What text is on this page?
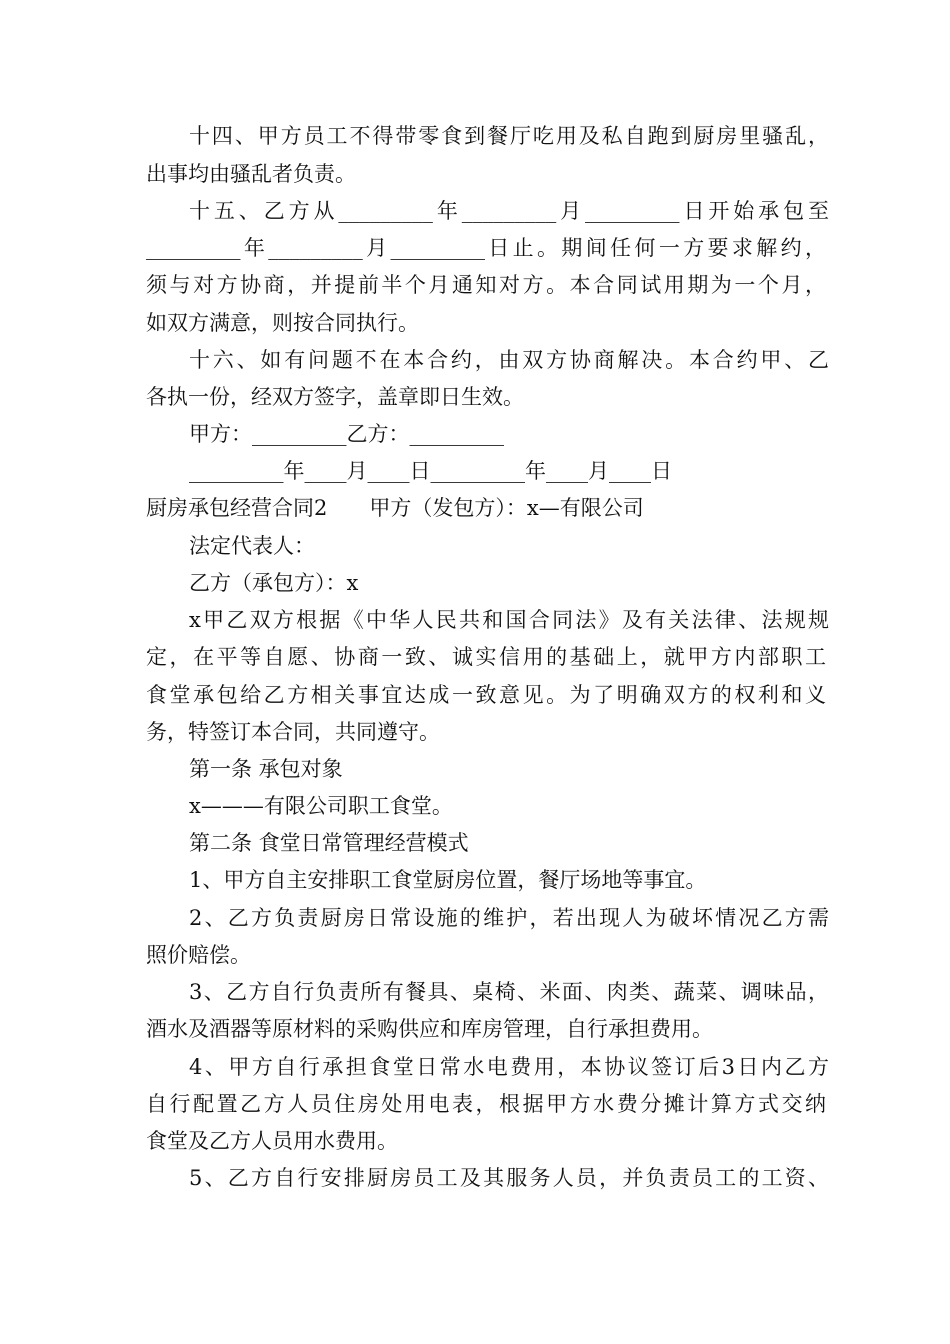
十四、甲方员工不得带零食到餐厅吃用及私自跑到厨房里骚乱，
出事均由骚乱者负责。
十五、乙方从_________年_________月_________日开始承包至
_________年_________月_________日止。期间任何一方要求解约，
须与对方协商，并提前半个月通知对方。本合同试用期为一个月，
如双方满意，则按合同执行。
十六、如有问题不在本合约，由双方协商解决。本合约甲、乙
各执一份，经双方签字，盖章即日生效。
甲方：_________乙方：_________
_________年____月____日_________年____月____日
厨房承包经营合同2　　甲方（发包方）：x—有限公司
法定代表人：
乙方（承包方）：x
x甲乙双方根据《中华人民共和国合同法》及有关法律、法规规
定，在平等自愿、协商一致、诚实信用的基础上，就甲方内部职工
食堂承包给乙方相关事宜达成一致意见。为了明确双方的权利和义
务，特签订本合同，共同遵守。
第一条 承包对象
x———有限公司职工食堂。
第二条 食堂日常管理经营模式
1、甲方自主安排职工食堂厨房位置，餐厅场地等事宜。
2、乙方负责厨房日常设施的维护，若出现人为破坏情况乙方需
照价赔偿。
3、乙方自行负责所有餐具、桌椅、米面、肉类、蔬菜、调味品，
酒水及酒器等原材料的采购供应和库房管理，自行承担费用。
4、甲方自行承担食堂日常水电费用，本协议签订后3日内乙方
自行配置乙方人员住房处用电表，根据甲方水费分摊计算方式交纳
食堂及乙方人员用水费用。
5、乙方自行安排厨房员工及其服务人员，并负责员工的工资、
